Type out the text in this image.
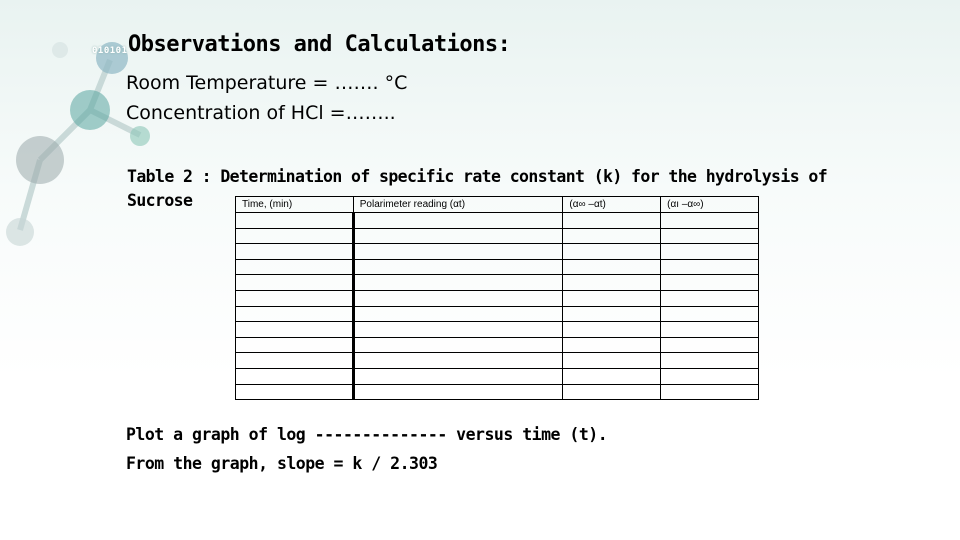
010101 Observations and Calculations:
Room Temperature = ……. °C
Concentration of HCl =……..
Table 2 : Determination of specific rate constant (k) for the hydrolysis of Sucrose	Time, (min)	Polarimeter reading (αt)	(α∞ –αt)	(αı –α∞)

Plot a graph of log -------------- versus time (t).
From the graph, slope = k / 2.303
